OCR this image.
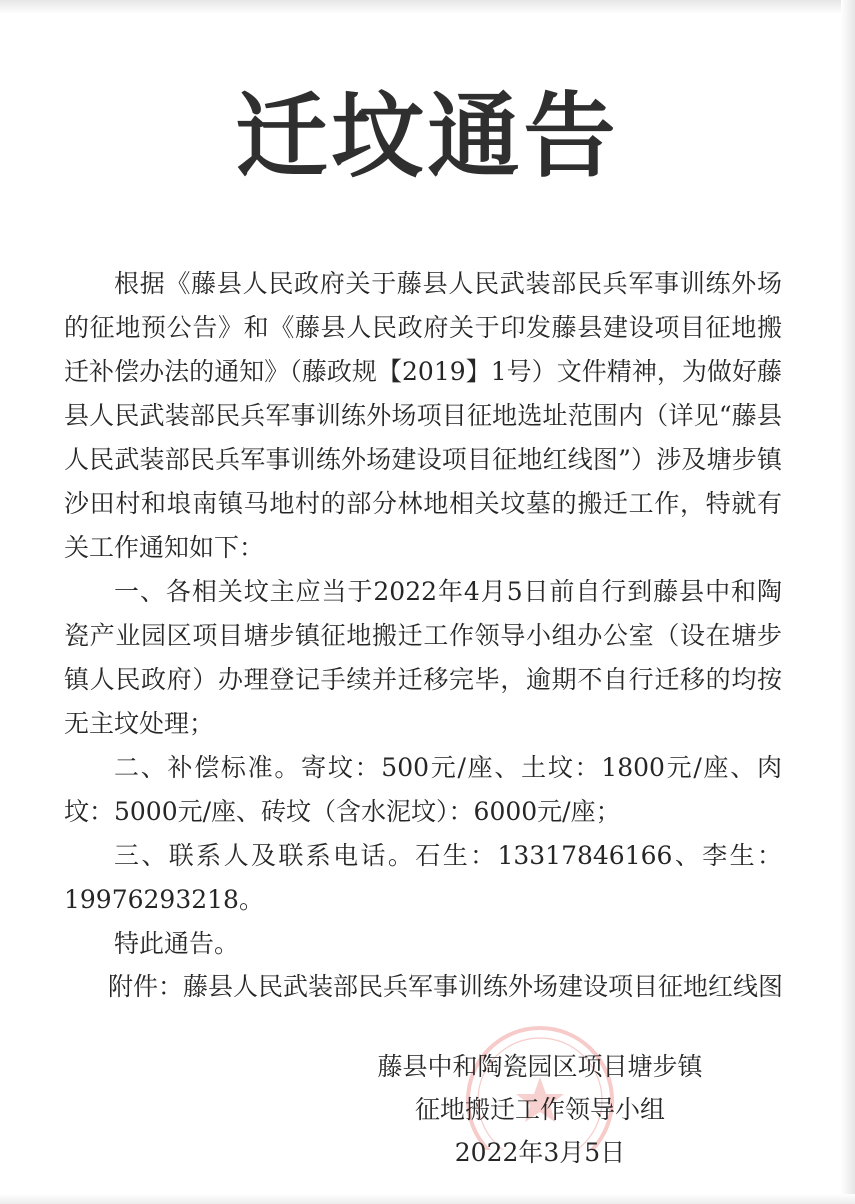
迁坟通告

根据《藤县人民政府关于藤县人民武装部民兵军事训练外场的征地预公告》和《藤县人民政府关于印发藤县建设项目征地搬迁补偿办法的通知》（藤政规【2019】1号）文件精神，为做好藤县人民武装部民兵军事训练外场项目征地选址范围内（详见“藤县人民武装部民兵军事训练外场建设项目征地红线图”）涉及塘步镇沙田村和埌南镇马地村的部分林地相关坟墓的搬迁工作，特就有关工作通知如下：

一、各相关坟主应当于2022年4月5日前自行到藤县中和陶瓷产业园区项目塘步镇征地搬迁工作领导小组办公室（设在塘步镇人民政府）办理登记手续并迁移完毕，逾期不自行迁移的均按无主坟处理；

二、补偿标准。寄坟：500元/座、土坟：1800元/座、肉坟：5000元/座、砖坟（含水泥坟）：6000元/座；

三、联系人及联系电话。石生：13317846166、李生：19976293218。

特此通告。

附件：藤县人民武装部民兵军事训练外场建设项目征地红线图
藤县中和陶瓷园区项目塘步镇
征地搬迁工作领导小组
2022年3月5日
